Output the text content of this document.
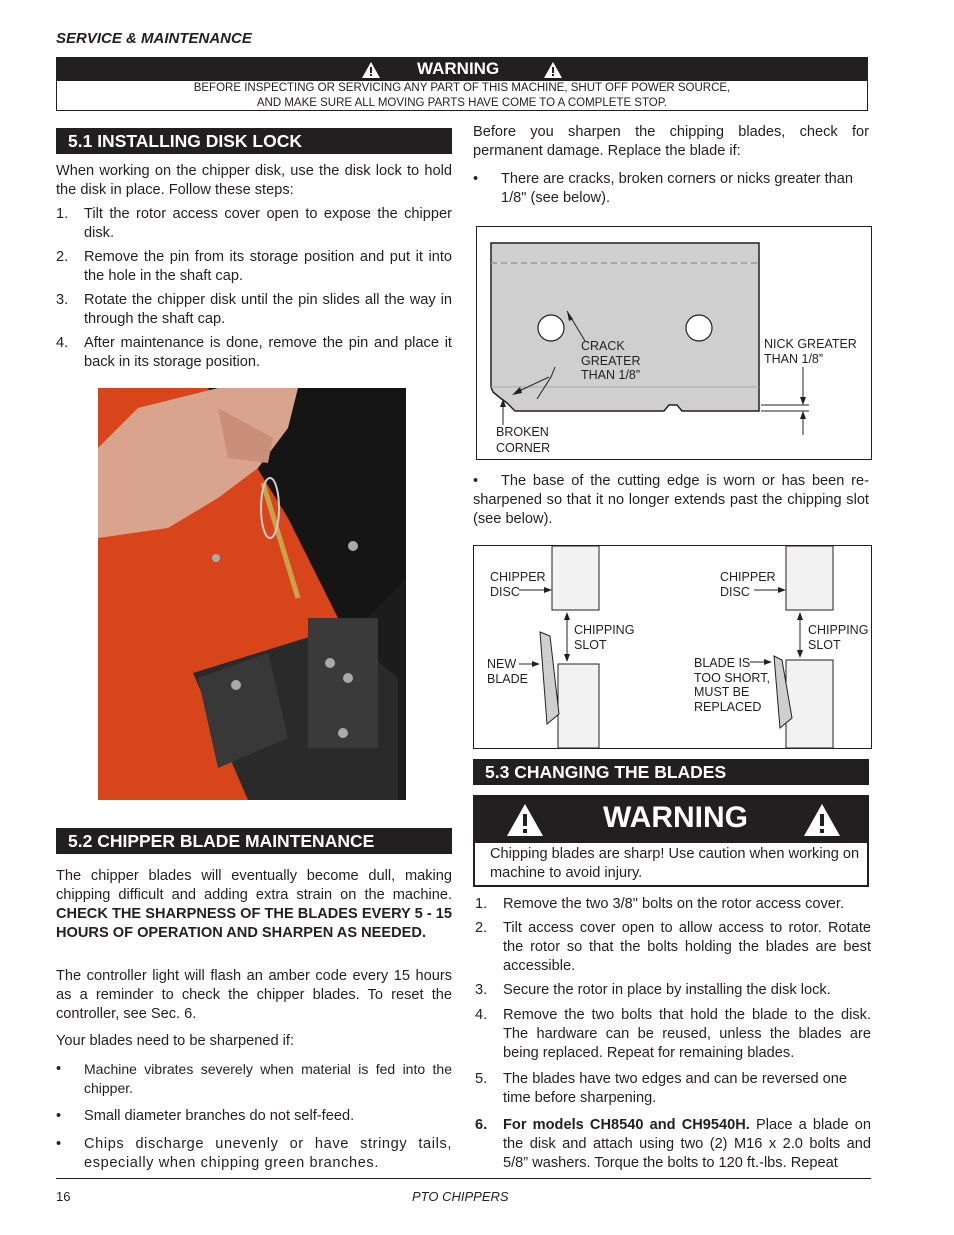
SERVICE & MAINTENANCE
WARNING
BEFORE INSPECTING OR SERVICING ANY PART OF THIS MACHINE, SHUT OFF POWER SOURCE,
AND MAKE SURE ALL MOVING PARTS HAVE COME TO A COMPLETE STOP.
5.1 INSTALLING DISK LOCK
When working on the chipper disk, use the disk lock to hold the disk in place. Follow these steps:
1. Tilt the rotor access cover open to expose the chipper disk.
2. Remove the pin from its storage position and put it into the hole in the shaft cap.
3. Rotate the chipper disk until the pin slides all the way in through the shaft cap.
4. After maintenance is done, remove the pin and place it back in its storage position.
5.2 CHIPPER BLADE MAINTENANCE
The chipper blades will eventually become dull, making chipping difficult and adding extra strain on the machine. CHECK THE SHARPNESS OF THE BLADES EVERY 5 - 15 HOURS OF OPERATION AND SHARPEN AS NEEDED.
The controller light will flash an amber code every 15 hours as a reminder to check the chipper blades. To reset the controller, see Sec. 6.
Your blades need to be sharpened if:
• Machine vibrates severely when material is fed into the chipper.
• Small diameter branches do not self-feed.
• Chips discharge unevenly or have stringy tails, especially when chipping green branches.
Before you sharpen the chipping blades, check for permanent damage. Replace the blade if:
• There are cracks, broken corners or nicks greater than 1/8" (see below).
CRACK
GREATER
THAN 1/8”
NICK GREATER
THAN 1/8”
BROKEN
CORNER
•	The base of the cutting edge is worn or has been re-sharpened so that it no longer extends past the chipping slot (see below).
CHIPPER
DISC
CHIPPING
SLOT
NEW
BLADE
CHIPPER
DISC
CHIPPING
SLOT
BLADE IS
TOO SHORT,
MUST BE
REPLACED
5.3 CHANGING THE BLADES
WARNING
Chipping blades are sharp! Use caution when working on machine to avoid injury.
1. Remove the two 3/8" bolts on the rotor access cover.
2. Tilt access cover open to allow access to rotor. Rotate the rotor so that the bolts holding the blades are best accessible.
3. Secure the rotor in place by installing the disk lock.
4. Remove the two bolts that hold the blade to the disk. The hardware can be reused, unless the blades are being replaced. Repeat for remaining blades.
5. The blades have two edges and can be reversed one time before sharpening.
6. For models CH8540 and CH9540H. Place a blade on the disk and attach using two (2) M16 x 2.0 bolts and 5/8” washers. Torque the bolts to 120 ft.-lbs. Repeat
16	PTO CHIPPERS
